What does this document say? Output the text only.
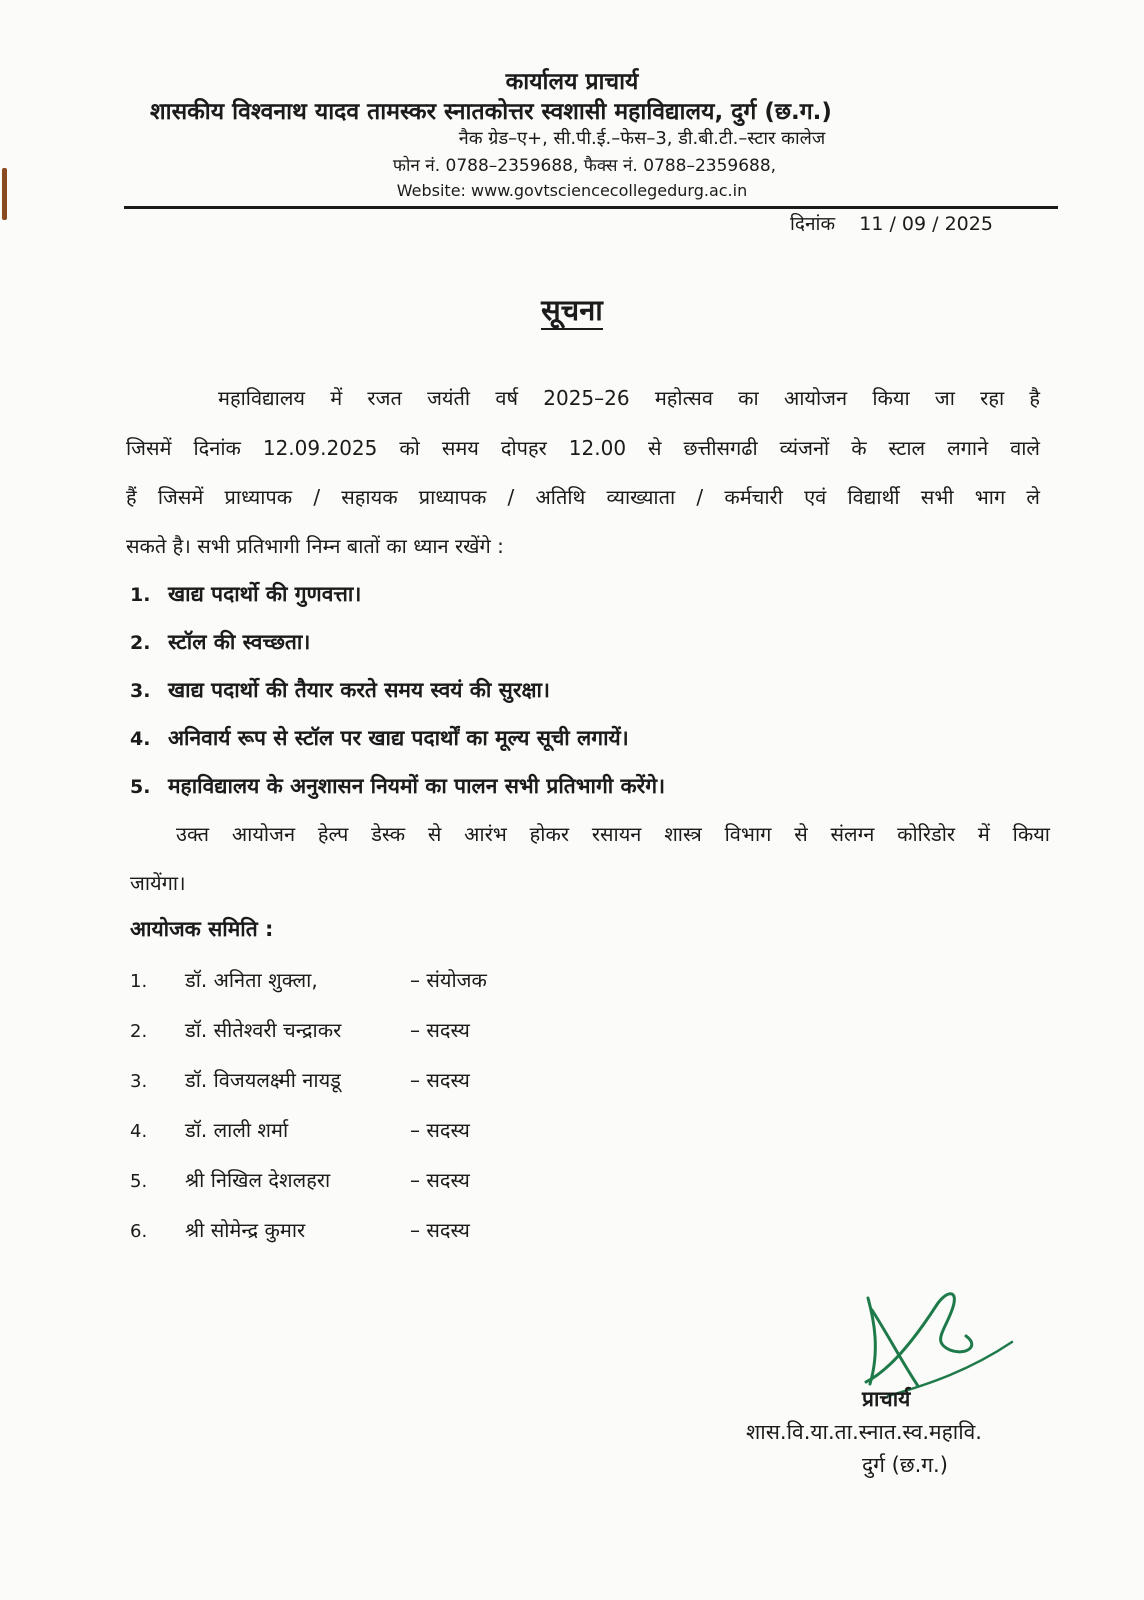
कार्यालय प्राचार्य
शासकीय विश्वनाथ यादव तामस्कर स्नातकोत्तर स्वशासी महाविद्यालय, दुर्ग (छ.ग.)
नैक ग्रेड–ए+, सी.पी.ई.–फेस–3, डी.बी.टी.–स्टार कालेज
फोन नं. 0788–2359688, फैक्स नं. 0788–2359688,
Website: www.govtsciencecollegedurg.ac.in
दिनांक 11 / 09 / 2025
सूचना
महाविद्यालय में रजत जयंती वर्ष 2025–26 महोत्सव का आयोजन किया जा रहा है
जिसमें दिनांक 12.09.2025 को समय दोपहर 12.00 से छत्तीसगढी व्यंजनों के स्टाल लगाने वाले
हैं जिसमें प्राध्यापक / सहायक प्राध्यापक / अतिथि व्याख्याता / कर्मचारी एवं विद्यार्थी सभी भाग ले
सकते है। सभी प्रतिभागी निम्न बातों का ध्यान रखेंगे :
1. खाद्य पदार्थो की गुणवत्ता।
2. स्टॉल की स्वच्छता।
3. खाद्य पदार्थो की तैयार करते समय स्वयं की सुरक्षा।
4. अनिवार्य रूप से स्टॉल पर खाद्य पदार्थों का मूल्य सूची लगायें।
5. महाविद्यालय के अनुशासन नियमों का पालन सभी प्रतिभागी करेंगे।
उक्त आयोजन हेल्प डेस्क से आरंभ होकर रसायन शास्त्र विभाग से संलग्न कोरिडोर में किया
जायेंगा।
आयोजक समिति :
1. डॉ. अनिता शुक्ला,	– संयोजक
2. डॉ. सीतेश्वरी चन्द्राकर	– सदस्य
3. डॉ. विजयलक्ष्मी नायडू	– सदस्य
4. डॉ. लाली शर्मा	– सदस्य
5. श्री निखिल देशलहरा	– सदस्य
6. श्री सोमेन्द्र कुमार	– सदस्य
प्राचार्य
शास.वि.या.ता.स्नात.स्व.महावि.
दुर्ग (छ.ग.)
